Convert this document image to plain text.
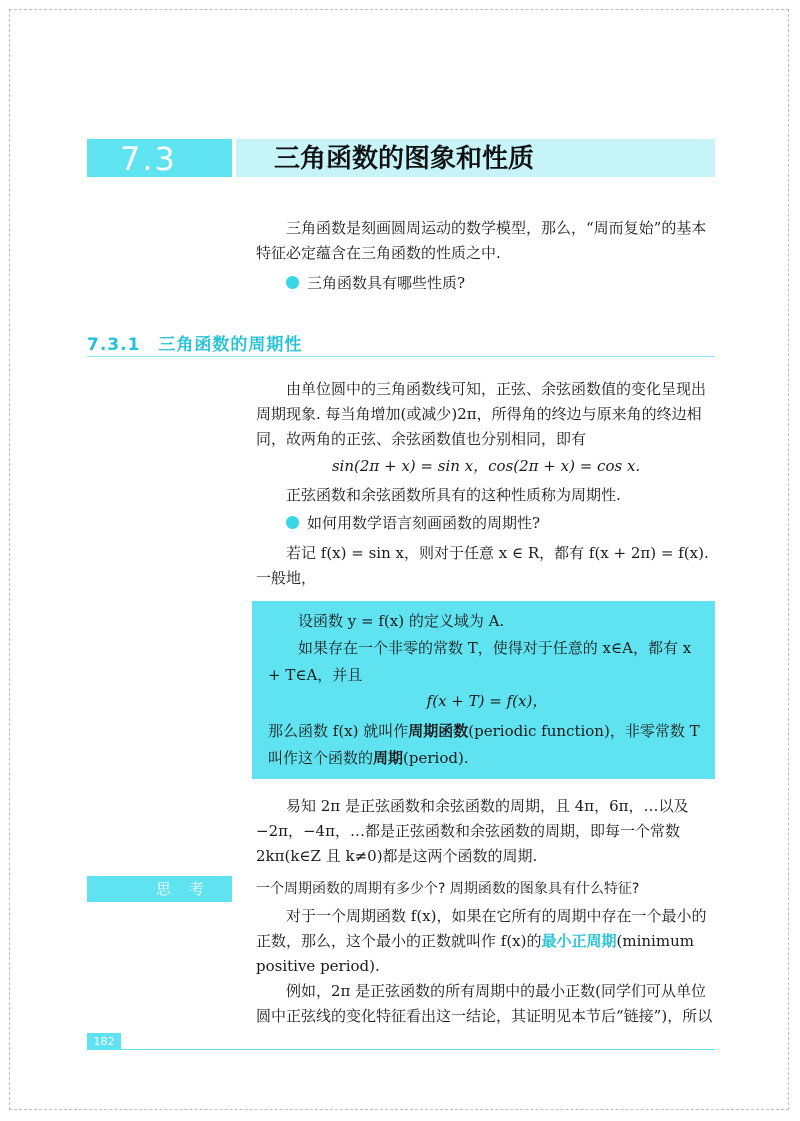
7.3	三角函数的图象和性质

三角函数是刻画圆周运动的数学模型，那么，“周而复始”的基本特征必定蕴含在三角函数的性质之中.

三角函数具有哪些性质?
7.3.1 三角函数的周期性

由单位圆中的三角函数线可知，正弦、余弦函数值的变化呈现出周期现象. 每当角增加(或减少)2π，所得角的终边与原来角的终边相同，故两角的正弦、余弦函数值也分别相同，即有

sin(2π + x) = sin x，cos(2π + x) = cos x.

正弦函数和余弦函数所具有的这种性质称为周期性.

如何用数学语言刻画函数的周期性?

若记 f(x) = sin x，则对于任意 x ∈ R，都有 f(x + 2π) = f(x).

一般地，

设函数 y = f(x) 的定义域为 A.

如果存在一个非零的常数 T，使得对于任意的 x∈A，都有 x + T∈A，并且

f(x + T) = f(x)，

那么函数 f(x) 就叫作周期函数(periodic function)，非零常数 T 叫作这个函数的周期(period).

易知 2π 是正弦函数和余弦函数的周期，且 4π，6π，…以及 −2π，−4π，…都是正弦函数和余弦函数的周期，即每一个常数 2kπ(k∈Z 且 k≠0)都是这两个函数的周期.

思考 一个周期函数的周期有多少个? 周期函数的图象具有什么特征?

对于一个周期函数 f(x)，如果在它所有的周期中存在一个最小的正数，那么，这个最小的正数就叫作 f(x)的最小正周期(minimum positive period).

例如，2π 是正弦函数的所有周期中的最小正数(同学们可从单位圆中正弦线的变化特征看出这一结论，其证明见本节后“链接”)，所以

182
